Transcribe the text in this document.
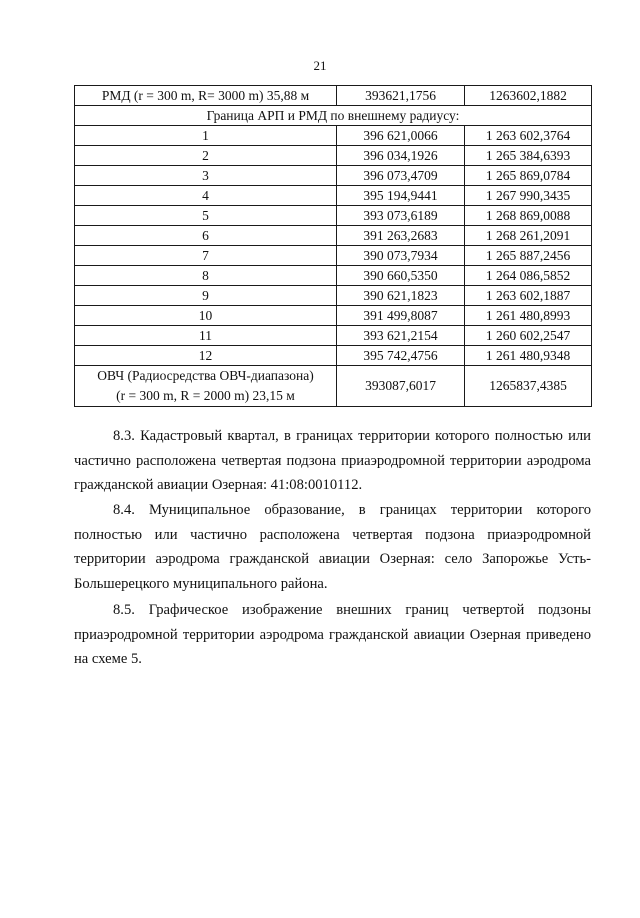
21
РМД (r = 300 m, R= 3000 m) 35,88 м	393621,1756	1263602,1882
Граница АРП и РМД по внешнему радиусу:		
1	396 621,0066	1 263 602,3764
2	396 034,1926	1 265 384,6393
3	396 073,4709	1 265 869,0784
4	395 194,9441	1 267 990,3435
5	393 073,6189	1 268 869,0088
6	391 263,2683	1 268 261,2091
7	390 073,7934	1 265 887,2456
8	390 660,5350	1 264 086,5852
9	390 621,1823	1 263 602,1887
10	391 499,8087	1 261 480,8993
11	393 621,2154	1 260 602,2547
12	395 742,4756	1 261 480,9348

ОВЧ (Радиосредства ОВЧ-диапазона)
(r = 300 m, R = 2000 m) 23,15 м	393087,6017	1265837,4385

8.3. Кадастровый квартал, в границах территории которого полностью или частично расположена четвертая подзона приаэродромной территории аэродрома гражданской авиации Озерная: 41:08:0010112.

8.4. Муниципальное образование, в границах территории которого полностью или частично расположена четвертая подзона приаэродромной территории аэродрома гражданской авиации Озерная: село Запорожье Усть-Большерецкого муниципального района.

8.5. Графическое изображение внешних границ четвертой подзоны приаэродромной территории аэродрома гражданской авиации Озерная приведено на схеме 5.
